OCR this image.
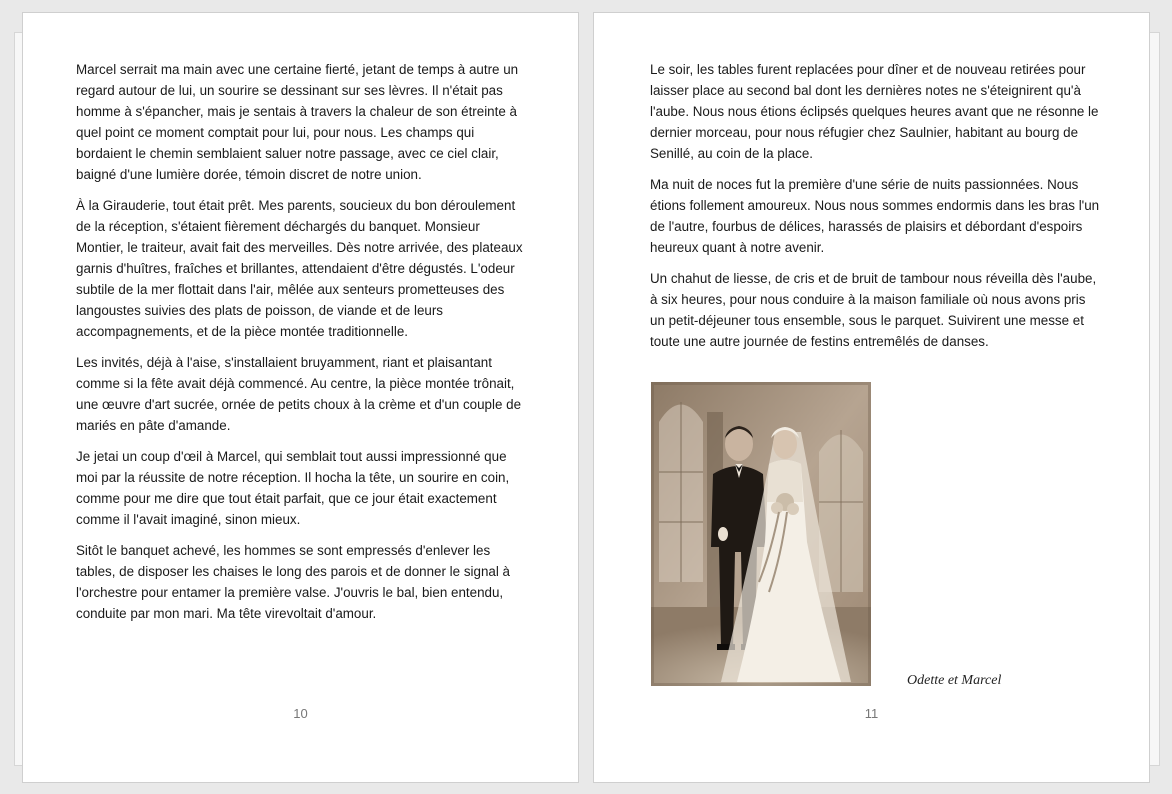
Marcel serrait ma main avec une certaine fierté, jetant de temps à autre un regard autour de lui, un sourire se dessinant sur ses lèvres. Il n'était pas homme à s'épancher, mais je sentais à travers la chaleur de son étreinte à quel point ce moment comptait pour lui, pour nous. Les champs qui bordaient le chemin semblaient saluer notre passage, avec ce ciel clair, baigné d'une lumière dorée, témoin discret de notre union.

À la Girauderie, tout était prêt. Mes parents, soucieux du bon déroulement de la réception, s'étaient fièrement déchargés du banquet. Monsieur Montier, le traiteur, avait fait des merveilles. Dès notre arrivée, des plateaux garnis d'huîtres, fraîches et brillantes, attendaient d'être dégustés. L'odeur subtile de la mer flottait dans l'air, mêlée aux senteurs prometteuses des langoustes suivies des plats de poisson, de viande et de leurs accompagnements, et de la pièce montée traditionnelle.

Les invités, déjà à l'aise, s'installaient bruyamment, riant et plaisantant comme si la fête avait déjà commencé. Au centre, la pièce montée trônait, une œuvre d'art sucrée, ornée de petits choux à la crème et d'un couple de mariés en pâte d'amande.

Je jetai un coup d'œil à Marcel, qui semblait tout aussi impressionné que moi par la réussite de notre réception. Il hocha la tête, un sourire en coin, comme pour me dire que tout était parfait, que ce jour était exactement comme il l'avait imaginé, sinon mieux.

Sitôt le banquet achevé, les hommes se sont empressés d'enlever les tables, de disposer les chaises le long des parois et de donner le signal à l'orchestre pour entamer la première valse. J'ouvris le bal, bien entendu, conduite par mon mari. Ma tête virevoltait d'amour.

10

Le soir, les tables furent replacées pour dîner et de nouveau retirées pour laisser place au second bal dont les dernières notes ne s'éteignirent qu'à l'aube. Nous nous étions éclipsés quelques heures avant que ne résonne le dernier morceau, pour nous réfugier chez Saulnier, habitant au bourg de Senillé, au coin de la place.

Ma nuit de noces fut la première d'une série de nuits passionnées. Nous étions follement amoureux. Nous nous sommes endormis dans les bras l'un de l'autre, fourbus de délices, harassés de plaisirs et débordant d'espoirs heureux quant à notre avenir.

Un chahut de liesse, de cris et de bruit de tambour nous réveilla dès l'aube, à six heures, pour nous conduire à la maison familiale où nous avons pris un petit-déjeuner tous ensemble, sous le parquet. Suivirent une messe et toute une autre journée de festins entremêlés de danses.

Odette et Marcel
11
